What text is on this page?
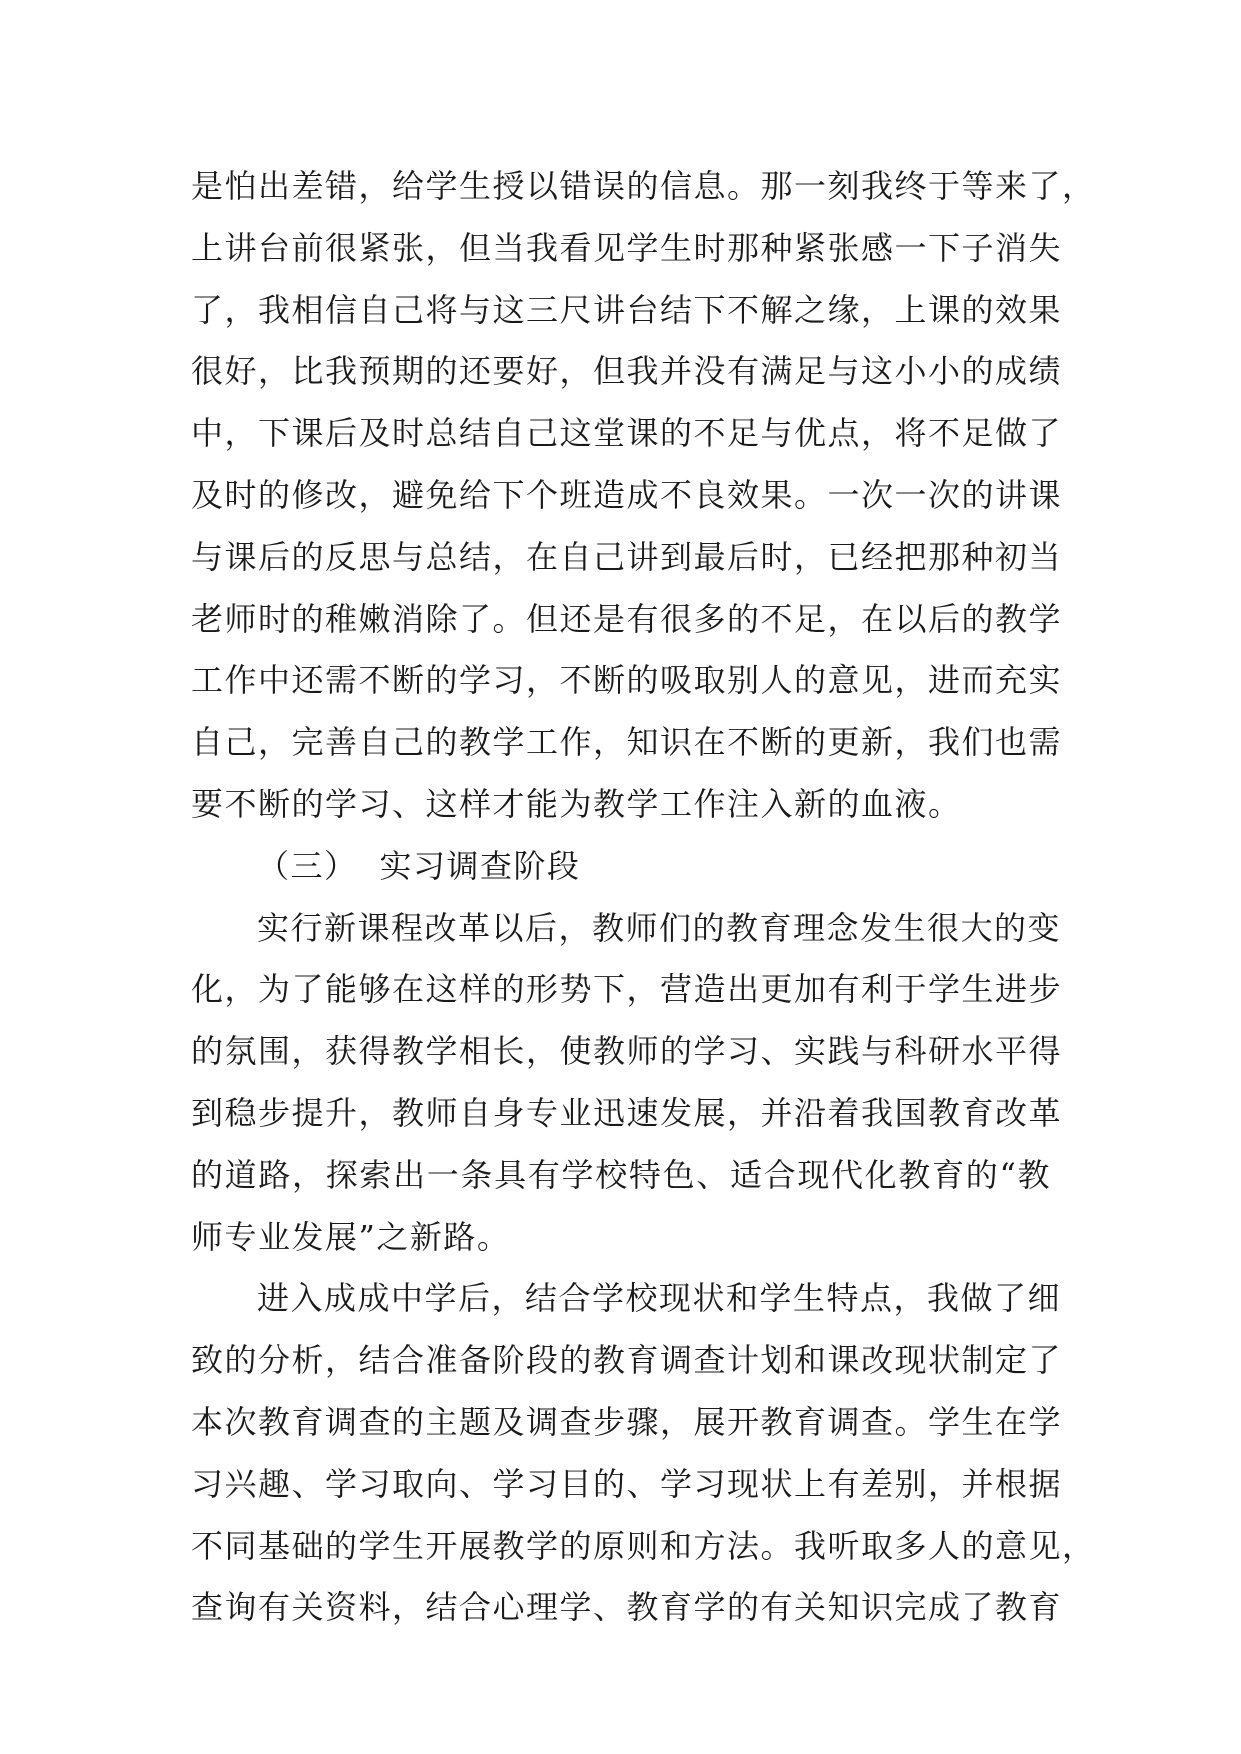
是怕出差错，给学生授以错误的信息。那一刻我终于等来了，
上讲台前很紧张，但当我看见学生时那种紧张感一下子消失
了，我相信自己将与这三尺讲台结下不解之缘，上课的效果
很好，比我预期的还要好，但我并没有满足与这小小的成绩
中，下课后及时总结自己这堂课的不足与优点，将不足做了
及时的修改，避免给下个班造成不良效果。一次一次的讲课
与课后的反思与总结，在自己讲到最后时，已经把那种初当
老师时的稚嫩消除了。但还是有很多的不足，在以后的教学
工作中还需不断的学习，不断的吸取别人的意见，进而充实
自己，完善自己的教学工作，知识在不断的更新，我们也需
要不断的学习、这样才能为教学工作注入新的血液。
（三） 实习调查阶段
实行新课程改革以后，教师们的教育理念发生很大的变
化，为了能够在这样的形势下，营造出更加有利于学生进步
的氛围，获得教学相长，使教师的学习、实践与科研水平得
到稳步提升，教师自身专业迅速发展，并沿着我国教育改革
的道路，探索出一条具有学校特色、适合现代化教育的“教
师专业发展”之新路。
进入成成中学后，结合学校现状和学生特点，我做了细
致的分析，结合准备阶段的教育调查计划和课改现状制定了
本次教育调查的主题及调查步骤，展开教育调查。学生在学
习兴趣、学习取向、学习目的、学习现状上有差别，并根据
不同基础的学生开展教学的原则和方法。我听取多人的意见，
查询有关资料，结合心理学、教育学的有关知识完成了教育
